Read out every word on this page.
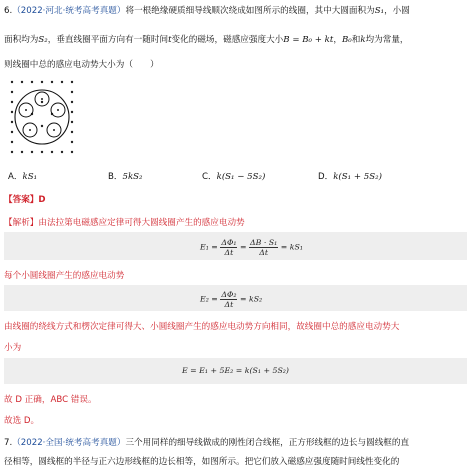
6.（2022·河北·统考高考真题）将一根绝缘硬质细导线顺次绕成如图所示的线圈，其中大圆面积为S₁，小圆
面积均为S₂，垂直线圈平面方向有一随时间t变化的磁场，磁感应强度大小B = B₀ + kt，B₀和k均为常量，
则线圈中总的感应电动势大小为（　　）
A．kS₁	B．5kS₂	C．k(S₁ − 5S₂)	D．k(S₁ + 5S₂)
【答案】D
【解析】由法拉第电磁感应定律可得大圆线圈产生的感应电动势
$E_1 = \frac{\text{ΔΦ₁}}{\Delta t} = \frac{\text{ΔB · S₁}}{\Delta t} = kS_1$
每个小圆线圈产生的感应电动势
$E_2 = \frac{\text{ΔΦ₂}}{\Delta t} = kS_2$
由线圈的绕线方式和楞次定律可得大、小圆线圈产生的感应电动势方向相同，故线圈中总的感应电动势大
小为
E = E₁ + 5E₂ = k(S₁ + 5S₂)
故 D 正确，ABC 错误。
故选 D。
7.（2022·全国·统考高考真题）三个用同样的细导线做成的刚性闭合线框，正方形线框的边长与圆线框的直
径相等，圆线框的半径与正六边形线框的边长相等，如图所示。把它们放入磁感应强度随时间线性变化的
